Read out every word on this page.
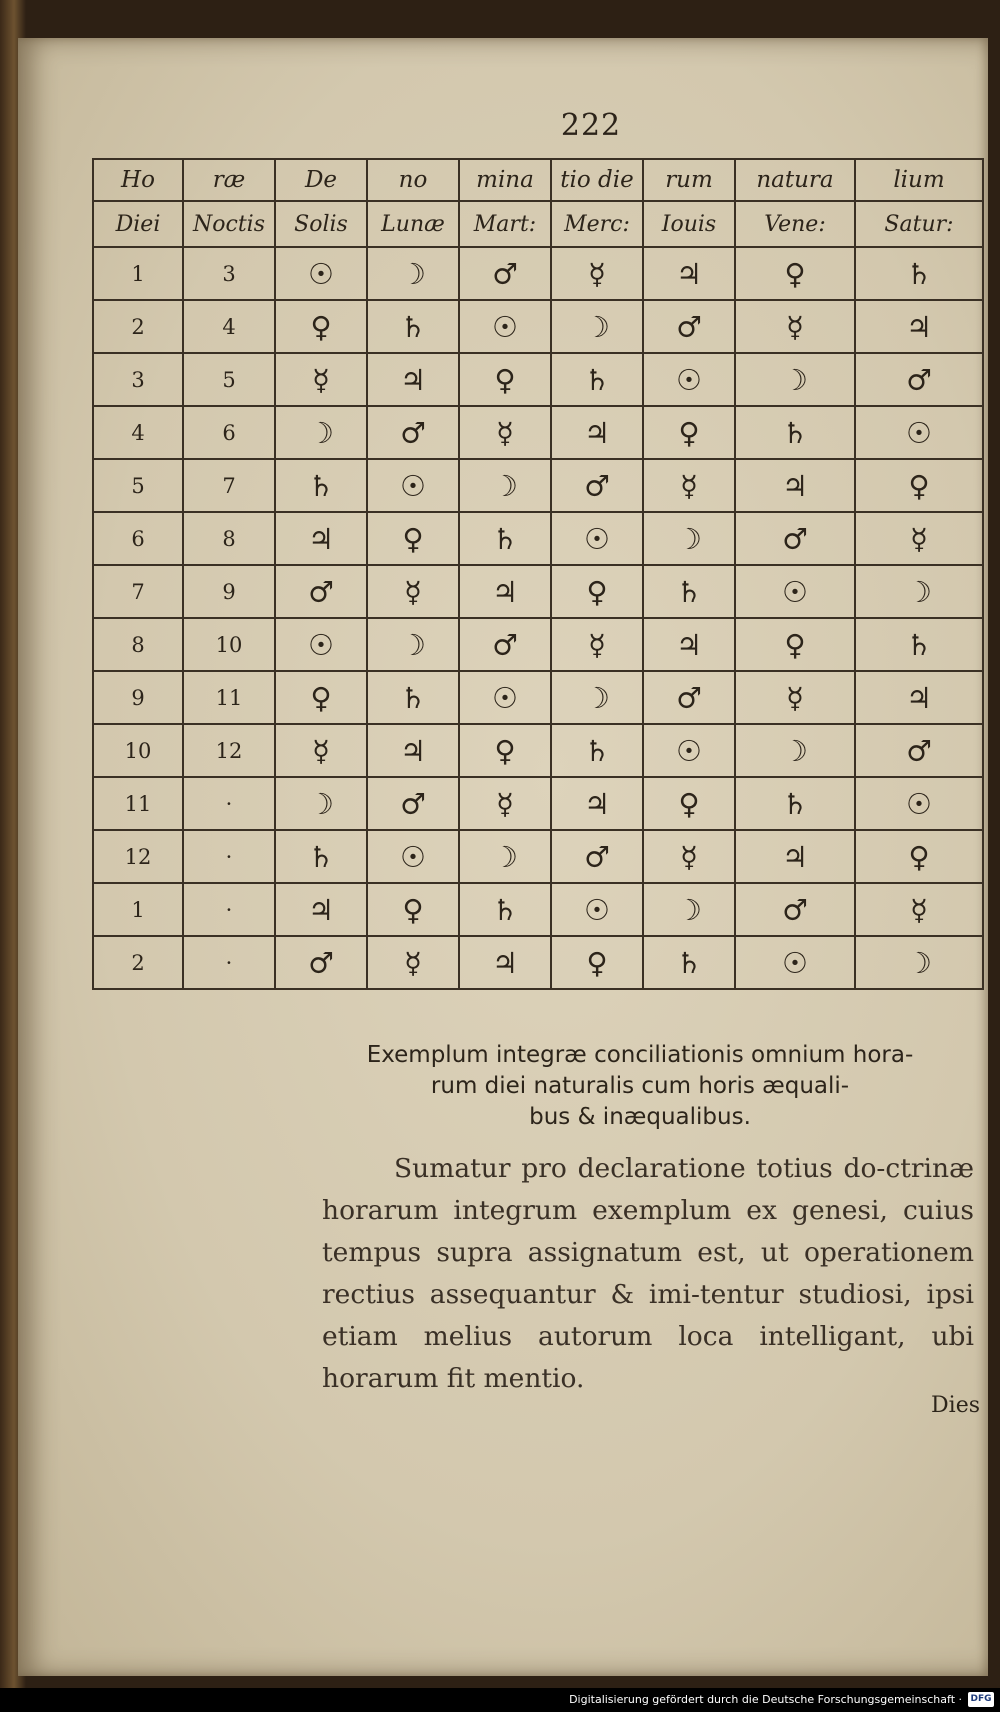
222
Ho	ræ	De	no	mina	tio die	rum	natura	lium
Diei	Noctis	Solis	Lunæ	Mart:	Merc:	Iouis	Vene:	Satur:
1	3	☉	☽	♂	☿	♃	♀	♄
2	4	♀	♄	☉	☽	♂	☿	♃
3	5	☿	♃	♀	♄	☉	☽	♂
4	6	☽	♂	☿	♃	♀	♄	☉
5	7	♄	☉	☽	♂	☿	♃	♀
6	8	♃	♀	♄	☉	☽	♂	☿
7	9	♂	☿	♃	♀	♄	☉	☽
8	10	☉	☽	♂	☿	♃	♀	♄
9	11	♀	♄	☉	☽	♂	☿	♃
10	12	☿	♃	♀	♄	☉	☽	♂
11	·	☽	♂	☿	♃	♀	♄	☉
12	·	♄	☉	☽	♂	☿	♃	♀
1	·	♃	♀	♄	☉	☽	♂	☿
2	·	♂	☿	♃	♀	♄	☉	☽
Exemplum integræ conciliationis omnium hora-
rum diei naturalis cum horis æquali-
bus & inæqualibus.
Sumatur pro declaratione totius do-ctrinæ horarum integrum exemplum ex genesi, cuius tempus supra assignatum est, ut operationem rectius assequantur & imi-tentur studiosi, ipsi etiam melius autorum loca intelligant, ubi horarum fit mentio.
Dies
Digitalisierung gefördert durch die Deutsche Forschungsgemeinschaft · DFG
